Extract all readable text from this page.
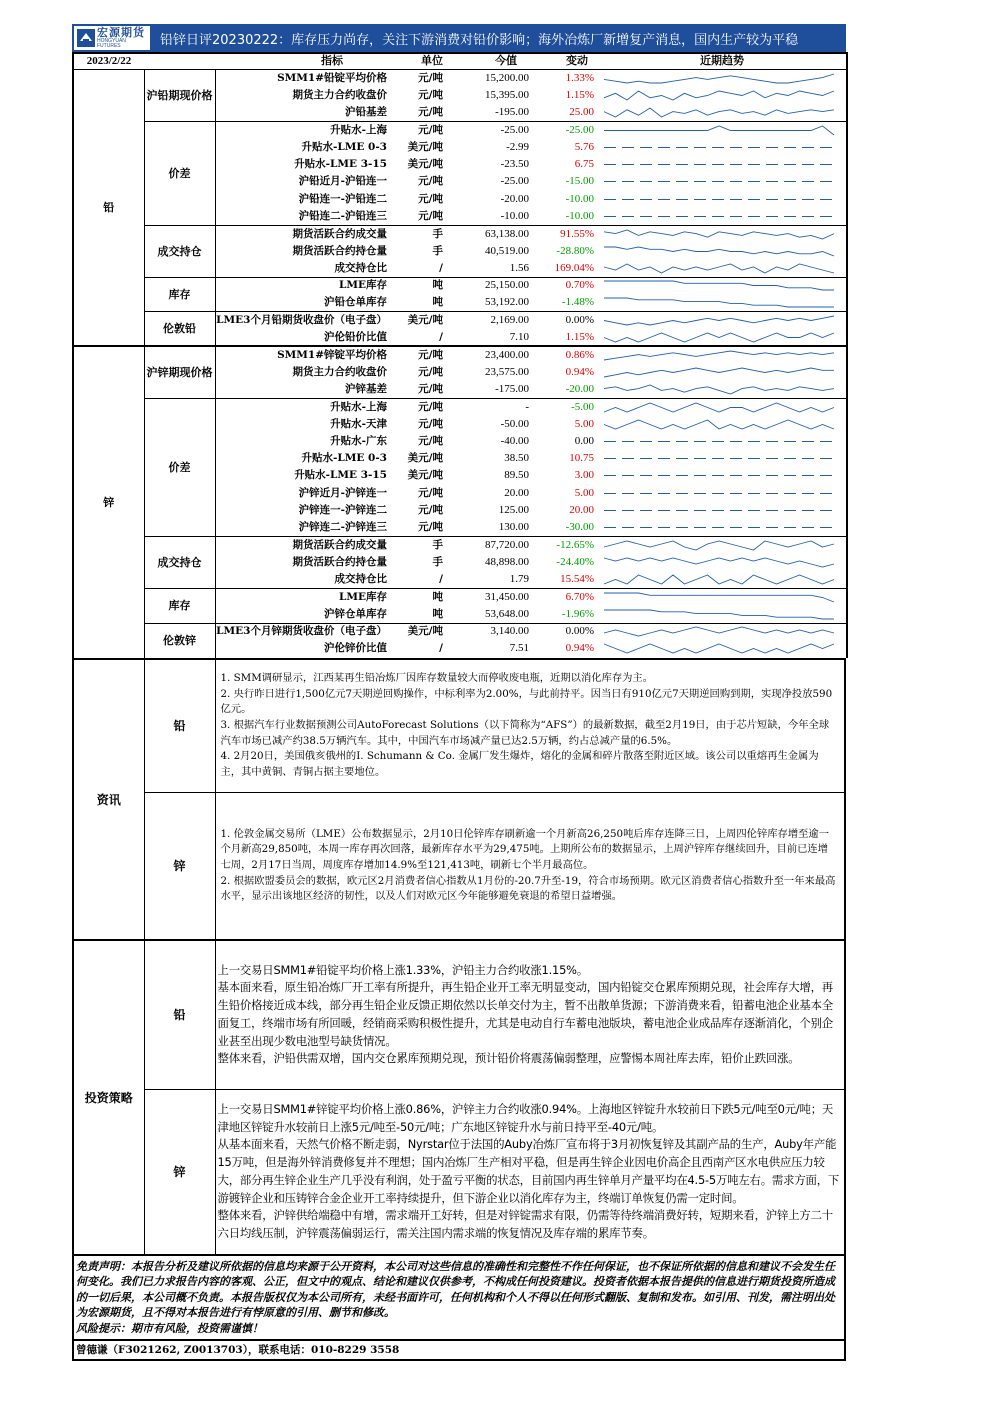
宏源期货
HONGYUAN FUTURES	铅锌日评20230222：库存压力尚存，关注下游消费对铅价影响；海外冶炼厂新增复产消息，国内生产较为平稳
2023/2/22		指标	单位	今值	变动	近期趋势
铅	沪铅期现价格	SMM1#铅锭平均价格	元/吨	15,200.00	1.33%	

		期货主力合约收盘价	元/吨	15,395.00	1.15%	

		沪铅基差	元/吨	-195.00	25.00	

	价差	升贴水-上海	元/吨	-25.00	-25.00	

		升贴水-LME 0-3	美元/吨	-2.99	5.76	

		升贴水-LME 3-15	美元/吨	-23.50	6.75	

		沪铅近月-沪铅连一	元/吨	-25.00	-15.00	

		沪铅连一-沪铅连二	元/吨	-20.00	-10.00	

		沪铅连二-沪铅连三	元/吨	-10.00	-10.00	

	成交持仓	期货活跃合约成交量	手	63,138.00	91.55%	

		期货活跃合约持仓量	手	40,519.00	-28.80%	

		成交持仓比	/	1.56	169.04%	

	库存	LME库存	吨	25,150.00	0.70%	

		沪铅仓单库存	吨	53,192.00	-1.48%	

	伦敦铅	LME3个月铅期货收盘价（电子盘）	美元/吨	2,169.00	0.00%	

		沪伦铅价比值	/	7.10	1.15%	

锌	沪锌期现价格	SMM1#锌锭平均价格	元/吨	23,400.00	0.86%	

		期货主力合约收盘价	元/吨	23,575.00	0.94%	

		沪锌基差	元/吨	-175.00	-20.00	

	价差	升贴水-上海	元/吨	-	-5.00	

		升贴水-天津	元/吨	-50.00	5.00	

		升贴水-广东	元/吨	-40.00	0.00	

		升贴水-LME 0-3	美元/吨	38.50	10.75	

		升贴水-LME 3-15	美元/吨	89.50	3.00	

		沪锌近月-沪锌连一	元/吨	20.00	5.00	

		沪锌连一-沪锌连二	元/吨	125.00	20.00	

		沪锌连二-沪锌连三	元/吨	130.00	-30.00	

	成交持仓	期货活跃合约成交量	手	87,720.00	-12.65%	

		期货活跃合约持仓量	手	48,898.00	-24.40%	

		成交持仓比	/	1.79	15.54%	

	库存	LME库存	吨	31,450.00	6.70%	

		沪锌仓单库存	吨	53,648.00	-1.96%	

	伦敦锌	LME3个月锌期货收盘价（电子盘）	美元/吨	3,140.00	0.00%	

		沪伦锌价比值	/	7.51	0.94%	
资讯	铅	1. SMM调研显示，江西某再生铅冶炼厂因库存数量较大而停收废电瓶，近期以消化库存为主。

2. 央行昨日进行1,500亿元7天期逆回购操作，中标利率为2.00%，与此前持平。因当日有910亿元7天期逆回购到期，实现净投放590亿元。

3. 根据汽车行业数据预测公司AutoForecast Solutions（以下简称为“AFS”）的最新数据，截至2月19日，由于芯片短缺，今年全球汽车市场已减产约38.5万辆汽车。其中，中国汽车市场减产量已达2.5万辆，约占总减产量的6.5%。

4. 2月20日，美国俄亥俄州的I. Schumann & Co. 金属厂发生爆炸，熔化的金属和碎片散落至附近区域。该公司以重熔再生金属为主，其中黄铜、青铜占据主要地位。

	锌	1. 伦敦金属交易所（LME）公布数据显示，2月10日伦锌库存刷新逾一个月新高26,250吨后库存连降三日，上周四伦锌库存增至逾一个月新高29,850吨，本周一库存再次回落，最新库存水平为29,475吨。上期所公布的数据显示，上周沪锌库存继续回升，目前已连增七周，2月17日当周，周度库存增加14.9%至121,413吨，刷新七个半月最高位。

2. 根据欧盟委员会的数据，欧元区2月消费者信心指数从1月份的-20.7升至-19，符合市场预期。欧元区消费者信心指数升至一年来最高水平，显示出该地区经济的韧性，以及人们对欧元区今年能够避免衰退的希望日益增强。

投资策略	铅	上一交易日SMM1#铅锭平均价格上涨1.33%，沪铅主力合约收涨1.15%。

基本面来看，原生铅冶炼厂开工率有所提升，再生铅企业开工率无明显变动，国内铅锭交仓累库预期兑现，社会库存大增，再生铅价格接近成本线，部分再生铅企业反馈正期依然以长单交付为主，暂不出散单货源；下游消费来看，铅蓄电池企业基本全面复工，终端市场有所回暖，经销商采购积极性提升，尤其是电动自行车蓄电池版块，蓄电池企业成品库存逐渐消化，个别企业甚至出现少数电池型号缺货情况。

整体来看，沪铅供需双增，国内交仓累库预期兑现，预计铅价将震荡偏弱整理，应警惕本周社库去库，铅价止跌回涨。

	锌	上一交易日SMM1#锌锭平均价格上涨0.86%，沪锌主力合约收涨0.94%。上海地区锌锭升水较前日下跌5元/吨至0元/吨；天津地区锌锭升水较前日上涨5元/吨至-50元/吨；广东地区锌锭升水与前日持平至-40元/吨。

从基本面来看，天然气价格不断走弱，Nyrstar位于法国的Auby冶炼厂宣布将于3月初恢复锌及其副产品的生产，Auby年产能15万吨，但是海外锌消费修复并不理想；国内冶炼厂生产相对平稳，但是再生锌企业因电价高企且西南产区水电供应压力较大，部分再生锌企业生产几乎没有利润，处于盈亏平衡的状态，目前国内再生锌单月产量平均在4.5-5万吨左右。需求方面，下游镀锌企业和压铸锌合金企业开工率持续提升，但下游企业以消化库存为主，终端订单恢复仍需一定时间。

整体来看，沪锌供给端稳中有增，需求端开工好转，但是对锌锭需求有限，仍需等待终端消费好转，短期来看，沪锌上方二十六日均线压制，沪锌震荡偏弱运行，需关注国内需求端的恢复情况及库存端的累库节奏。

免责声明：本报告分析及建议所依据的信息均来源于公开资料，本公司对这些信息的准确性和完整性不作任何保证，也不保证所依据的信息和建议不会发生任何变化。我们已力求报告内容的客观、公正，但文中的观点、结论和建议仅供参考，不构成任何投资建议。投资者依据本报告提供的信息进行期货投资所造成的一切后果，本公司概不负责。本报告版权仅为本公司所有，未经书面许可，任何机构和个人不得以任何形式翻版、复制和发布。如引用、刊发，需注明出处为宏源期货，且不得对本报告进行有悖原意的引用、删节和修改。
风险提示：期市有风险，投资需谨慎！
曾德谦（F3021262, Z0013703），联系电话：010-8229 3558
